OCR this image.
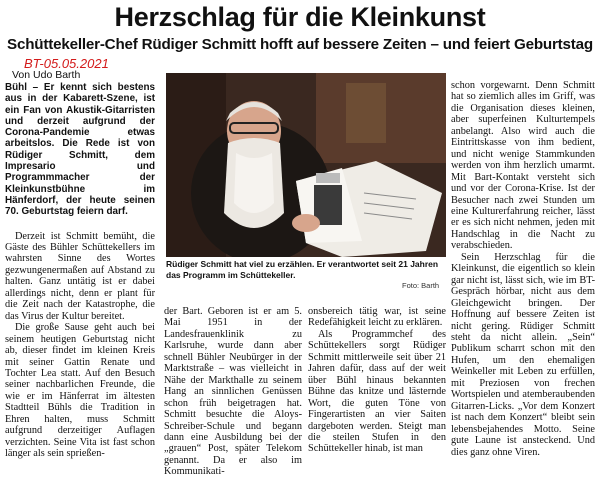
Herzschlag für die Kleinkunst
Schüttekeller-Chef Rüdiger Schmitt hofft auf bessere Zeiten – und feiert Geburtstag
BT-05.05.2021
Von Udo Barth

Bühl – Er kennt sich bestens aus in der Kabarett-Szene, ist ein Fan von Akustik-Gitarristen und derzeit aufgrund der Corona-Pandemie etwas arbeitslos. Die Rede ist von Rüdiger Schmitt, dem Impresario und Programmmacher der Kleinkunstbühne im Hänferdorf, der heute seinen 70. Geburtstag feiern darf.

Derzeit ist Schmitt bemüht, die Gäste des Bühler Schüttekellers im wahrsten Sinne des Wortes gezwungenermaßen auf Abstand zu halten. Ganz untätig ist er dabei allerdings nicht, denn er plant für die Zeit nach der Katastrophe, die das Virus der Kultur bereitet.

Die große Sause geht auch bei seinem heutigen Geburtstag nicht ab, dieser findet im kleinen Kreis mit seiner Gattin Renate und Tochter Lea statt. Auf den Besuch seiner nachbarlichen Freunde, die wie er im Hänferrat im ältesten Stadtteil Bühls die Tradition in Ehren halten, muss Schmitt aufgrund derzeitiger Auflagen verzichten. Seine Vita ist fast schon länger als sein sprießen-

Rüdiger Schmitt hat viel zu erzählen. Er verantwortet seit 21 Jahren das Programm im Schüttekeller.
Foto: Barth

der Bart. Geboren ist er am 5. Mai 1951 in der Landesfrauenklinik zu Karlsruhe, wurde dann aber schnell Bühler Neubürger in der Marktstraße – was vielleicht in Nähe der Markthalle zu seinem Hang an sinnlichen Genüssen schon früh beigetragen hat. Schmitt besuchte die Aloys-Schreiber-Schule und begann dann eine Ausbildung bei der „grauen“ Post, später Telekom genannt. Da er also im Kommunikati-

onsbereich tätig war, ist seine Redefähigkeit leicht zu erklären.

Als Programmchef des Schüttekellers sorgt Rüdiger Schmitt mittlerweile seit über 21 Jahren dafür, dass auf der weit über Bühl hinaus bekannten Bühne das knitze und lästernde Wort, die guten Töne von Fingerartisten an vier Saiten dargeboten werden. Steigt man die steilen Stufen in den Schüttekeller hinab, ist man

schon vorgewarnt. Denn Schmitt hat so ziemlich alles im Griff, was die Organisation dieses kleinen, aber superfeinen Kulturtempels anbelangt. Also wird auch die Eintrittskasse von ihm bedient, und nicht wenige Stammkunden werden von ihm herzlich umarmt. Mit Bart-Kontakt versteht sich und vor der Corona-Krise. Ist der Besucher nach zwei Stunden um eine Kulturerfahrung reicher, lässt er es sich nicht nehmen, jeden mit Handschlag in die Nacht zu verabschieden.

Sein Herzschlag für die Kleinkunst, die eigentlich so klein gar nicht ist, lässt sich, wie im BT-Gespräch hörbar, nicht aus dem Gleichgewicht bringen. Der Hoffnung auf bessere Zeiten ist nicht gering. Rüdiger Schmitt steht da nicht allein. „Sein“ Publikum scharrt schon mit den Hufen, um den ehemaligen Weinkeller mit Leben zu erfüllen, mit Preziosen von frechen Wortspielen und atemberaubenden Gitarren-Licks. „Vor dem Konzert ist nach dem Konzert“ bleibt sein lebensbejahendes Motto. Seine gute Laune ist ansteckend. Und dies ganz ohne Viren.
